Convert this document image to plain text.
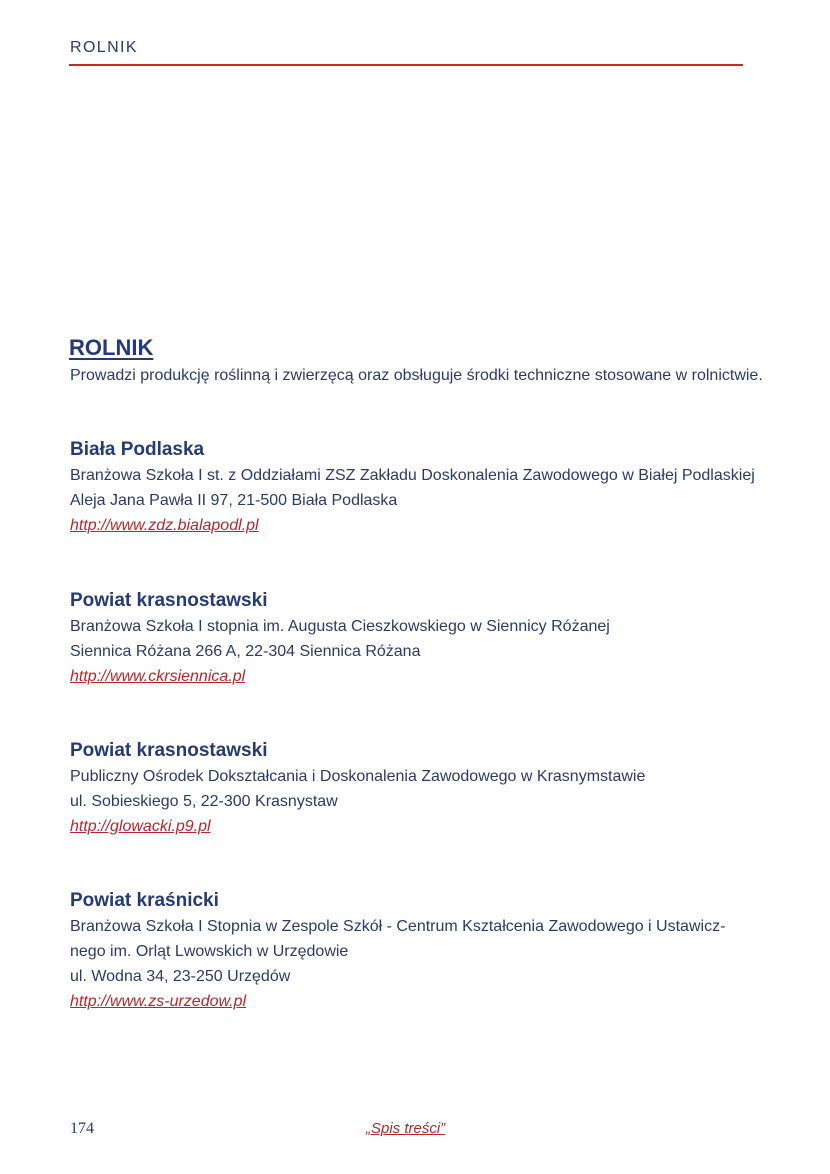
ROLNIK
ROLNIK
Prowadzi produkcję roślinną i zwierzęcą oraz obsługuje środki techniczne stosowane w rolnictwie.
Biała Podlaska
Branżowa Szkoła I st. z Oddziałami ZSZ Zakładu Doskonalenia Zawodowego w Białej Podlaskiej
Aleja Jana Pawła II 97, 21-500 Biała Podlaska
http://www.zdz.bialapodl.pl
Powiat krasnostawski
Branżowa Szkoła I stopnia im. Augusta Cieszkowskiego w Siennicy Różanej
Siennica Różana 266 A, 22-304 Siennica Różana
http://www.ckrsiennica.pl
Powiat krasnostawski
Publiczny Ośrodek Dokształcania i Doskonalenia Zawodowego w Krasnymstawie
ul. Sobieskiego 5, 22-300 Krasnystaw
http://glowacki.p9.pl
Powiat kraśnicki
Branżowa Szkoła I Stopnia w Zespole Szkół - Centrum Kształcenia Zawodowego i Ustawicz-
nego im. Orląt Lwowskich w Urzędowie
ul. Wodna 34, 23-250 Urzędów
http://www.zs-urzedow.pl
174	„Spis treści”
